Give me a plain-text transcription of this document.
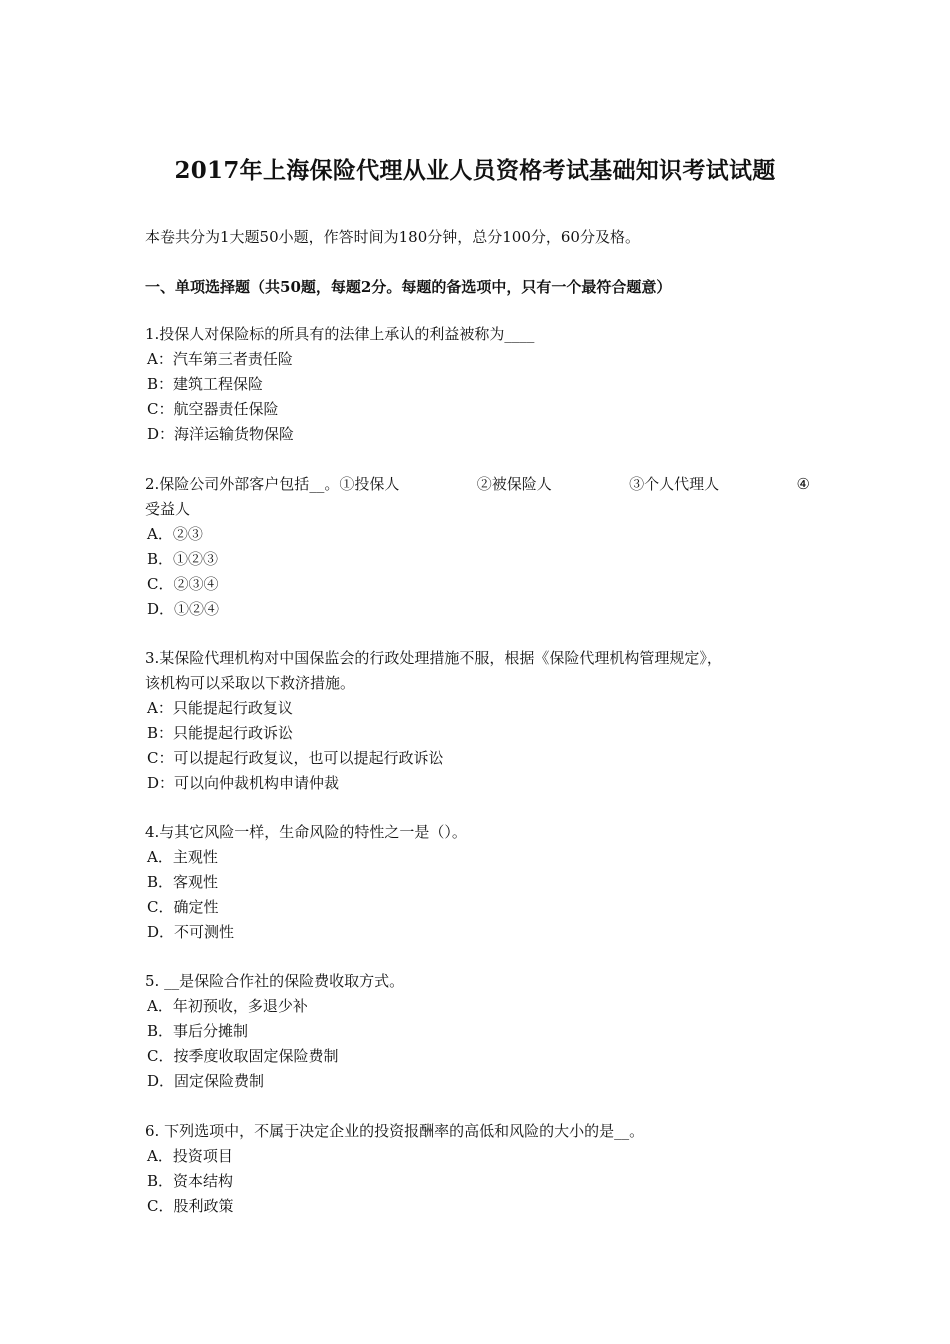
2017年上海保险代理从业人员资格考试基础知识考试试题

本卷共分为1大题50小题，作答时间为180分钟，总分100分，60分及格。

一、单项选择题（共50题，每题2分。每题的备选项中，只有一个最符合题意）

1.投保人对保险标的所具有的法律上承认的利益被称为____

A：汽车第三者责任险

B：建筑工程保险

C：航空器责任保险

D：海洋运输货物保险

2.保险公司外部客户包括__。①投保人	②被保险人	③个人代理人	④

受益人

A．②③

B．①②③

C．②③④

D．①②④

3.某保险代理机构对中国保监会的行政处理措施不服，根据《保险代理机构管理规定》，

该机构可以采取以下救济措施。

A：只能提起行政复议

B：只能提起行政诉讼

C：可以提起行政复议，也可以提起行政诉讼

D：可以向仲裁机构申请仲裁

4.与其它风险一样，生命风险的特性之一是（）。

A．主观性

B．客观性

C．确定性

D．不可测性

5. __是保险合作社的保险费收取方式。

A．年初预收，多退少补

B．事后分摊制

C．按季度收取固定保险费制

D．固定保险费制

6. 下列选项中，不属于决定企业的投资报酬率的高低和风险的大小的是__。

A．投资项目

B．资本结构

C．股利政策
